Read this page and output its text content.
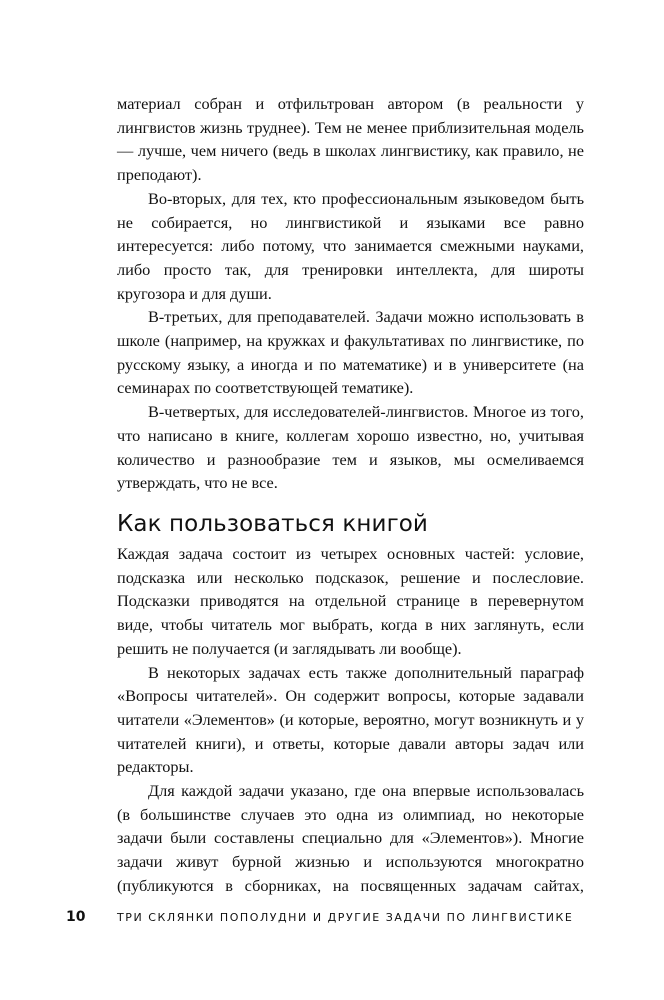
материал собран и отфильтрован автором (в реальности у лингвистов жизнь труднее). Тем не менее приблизительная модель — лучше, чем ничего (ведь в школах лингвистику, как правило, не преподают).

Во-вторых, для тех, кто профессиональным языковедом быть не собирается, но лингвистикой и языками все равно интересуется: либо потому, что занимается смежными науками, либо просто так, для тренировки интеллекта, для широты кругозора и для души.

В-третьих, для преподавателей. Задачи можно использовать в школе (например, на кружках и факультативах по лингвистике, по русскому языку, а иногда и по математике) и в университете (на семинарах по соответствующей тематике).

В-четвертых, для исследователей-лингвистов. Многое из того, что написано в книге, коллегам хорошо известно, но, учитывая количество и разнообразие тем и языков, мы осмеливаемся утверждать, что не все.

Как пользоваться книгой

Каждая задача состоит из четырех основных частей: условие, подсказка или несколько подсказок, решение и послесловие. Подсказки приводятся на отдельной странице в перевернутом виде, чтобы читатель мог выбрать, когда в них заглянуть, если решить не получается (и заглядывать ли вообще).

В некоторых задачах есть также дополнительный параграф «Вопросы читателей». Он содержит вопросы, которые задавали читатели «Элементов» (и которые, вероятно, могут возникнуть и у читателей книги), и ответы, которые давали авторы задач или редакторы.

Для каждой задачи указано, где она впервые использовалась (в большинстве случаев это одна из олимпиад, но некоторые задачи были составлены специально для «Элементов»). Многие задачи живут бурной жизнью и используются многократно (публикуются в сборниках, на посвященных задачам сайтах,

10	ТРИ СКЛЯНКИ ПОПОЛУДНИ И ДРУГИЕ ЗАДАЧИ ПО ЛИНГВИСТИКЕ
